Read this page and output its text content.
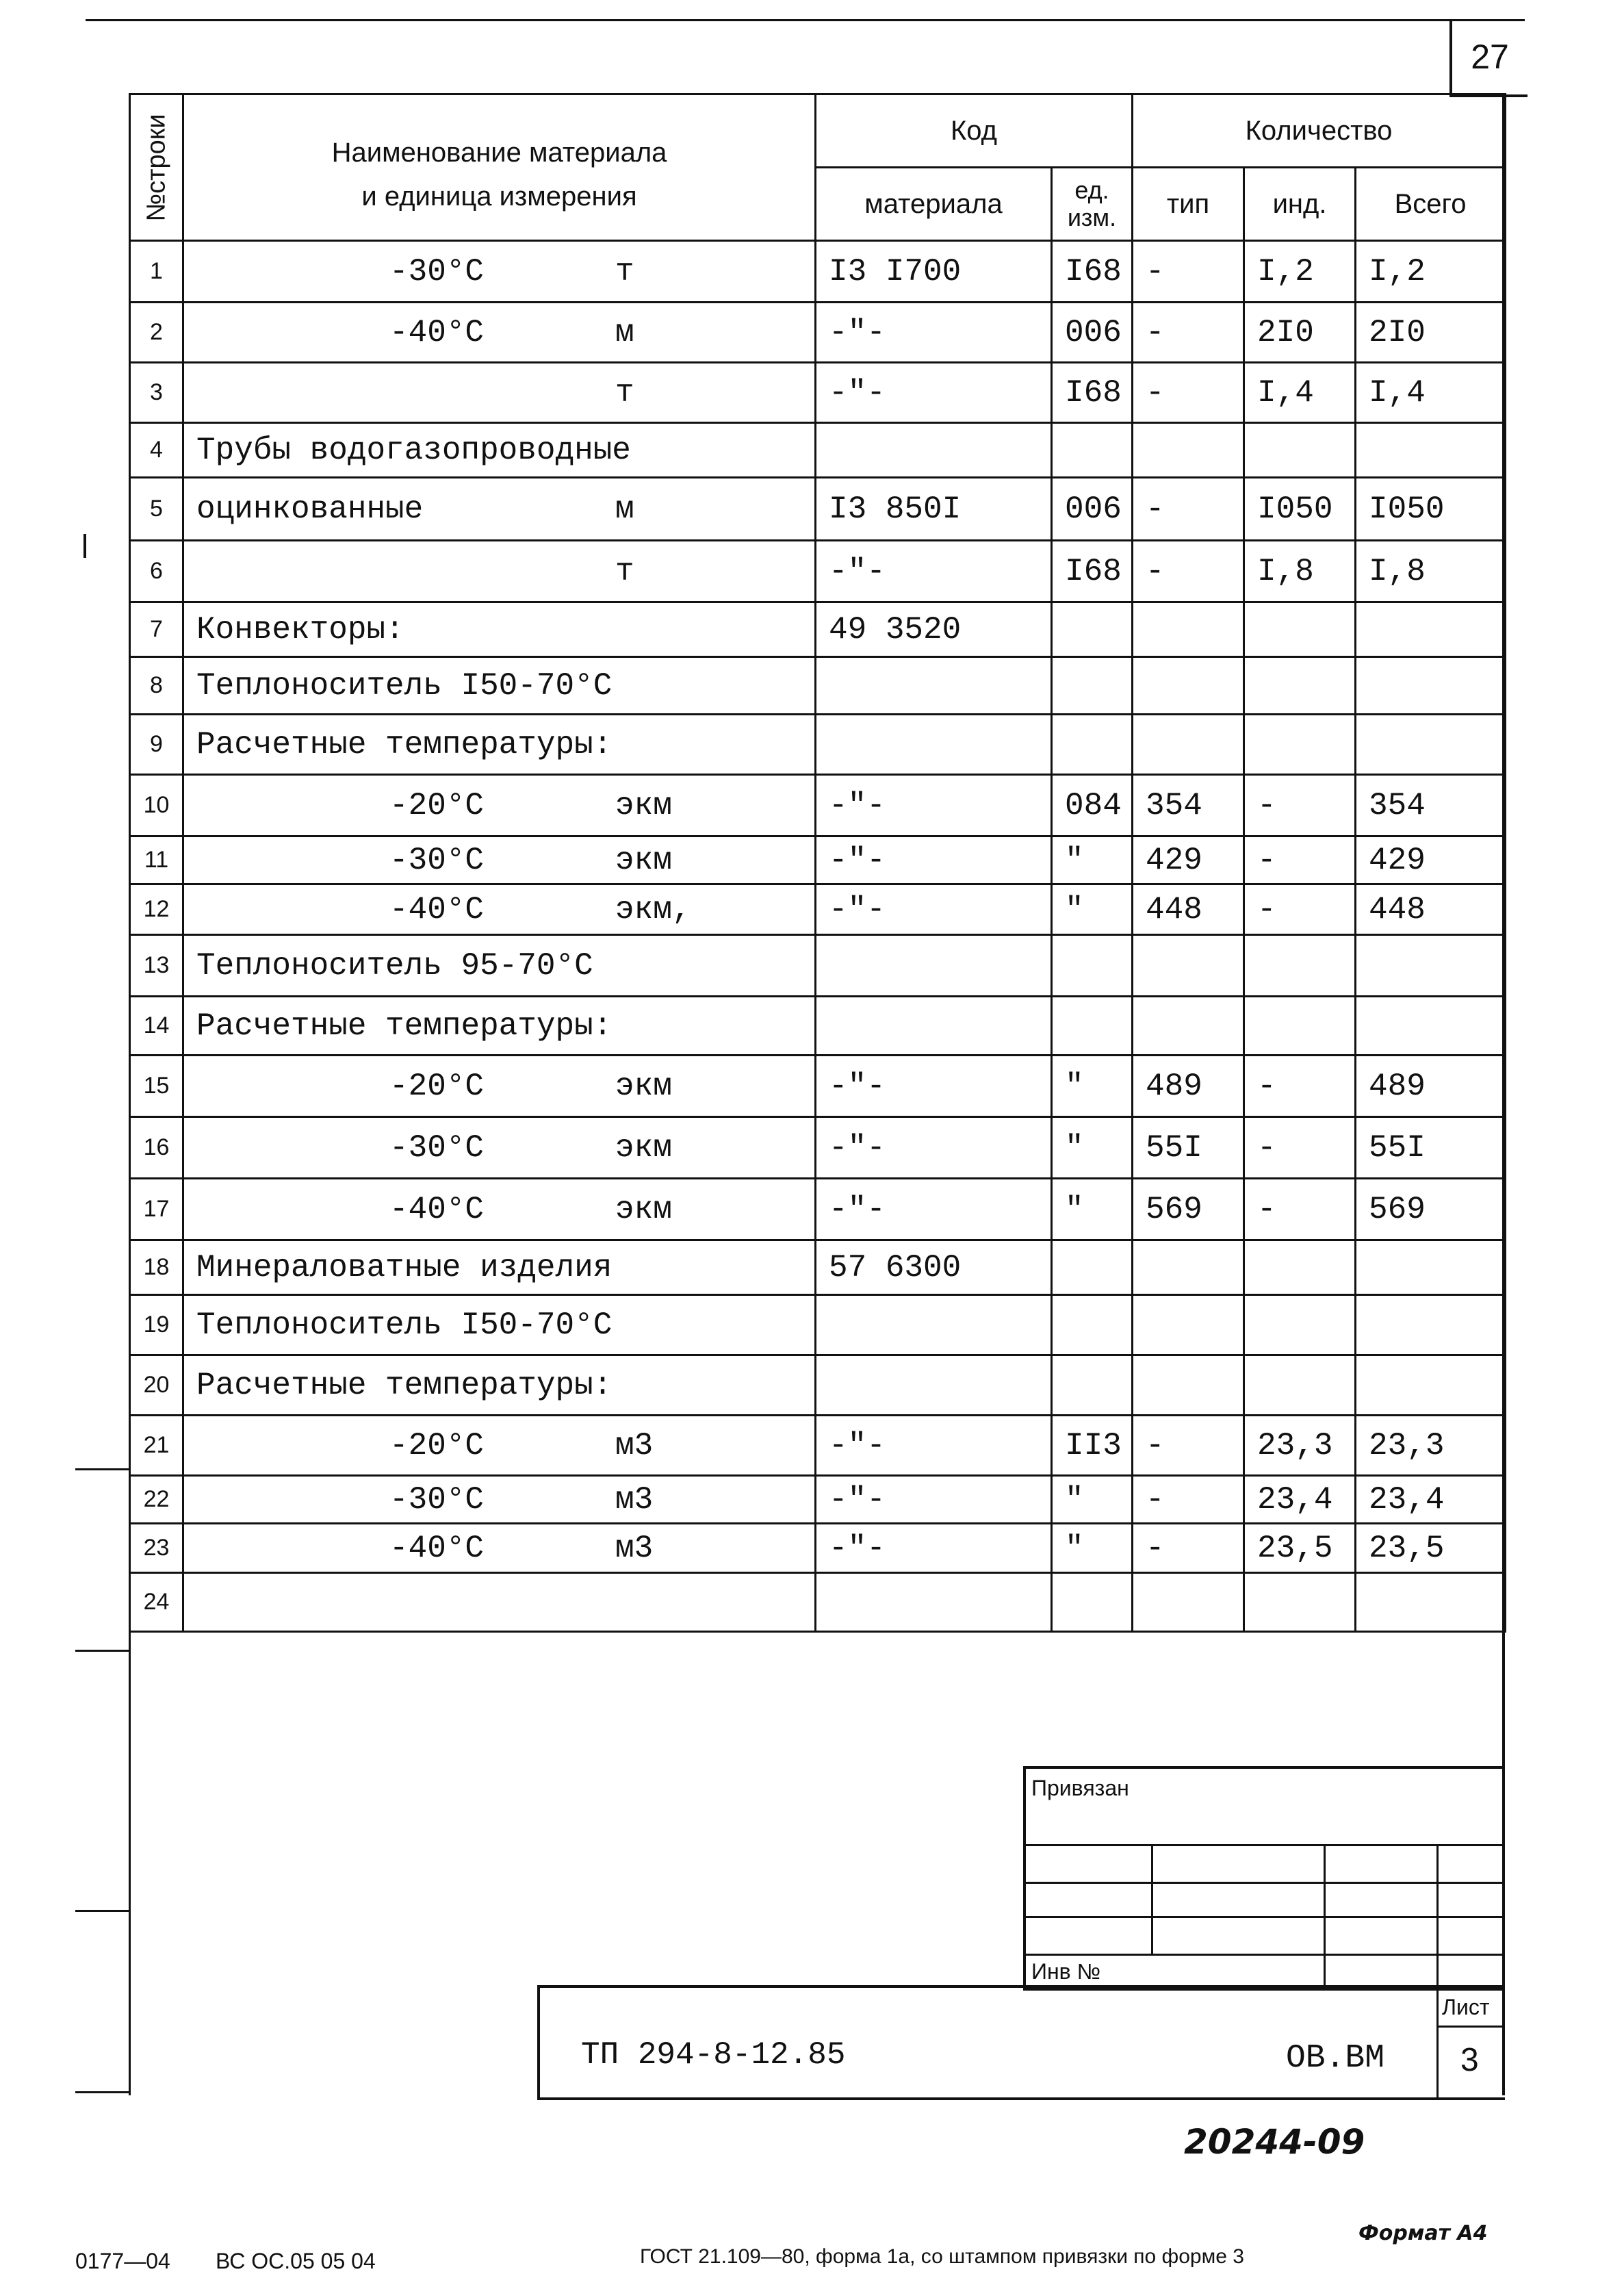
27
№строки	Наименование материала
и единица измерения	Код		Количество		
		материала	ед.
изм.	тип	инд.	Всего
1	-30°C т	I3 I700	I68	-	I,2	I,2
2	-40°C м	-"-	006	-	2I0	2I0
3	т	-"-	I68	-	I,4	I,4
4	Трубы водогазопроводные					

5	оцинкованные м	I3 850I	006	-	I050	I050
6	т	-"-	I68	-	I,8	I,8
7	Конвекторы:	49 3520				
8	Теплоноситель I50-70°C					

9	Расчетные температуры:					

10	-20°C экм	-"-	084	354	-	354
11	-30°C экм	-"-	"	429	-	429
12	-40°C экм,	-"-	"	448	-	448
13	Теплоноситель 95-70°C					

14	Расчетные температуры:					

15	-20°C экм	-"-	"	489	-	489
16	-30°C экм	-"-	"	55I	-	55I
17	-40°C экм	-"-	"	569	-	569
18	Минераловатные изделия	57 6300				
19	Теплоноситель I50-70°C					

20	Расчетные температуры:					

21	-20°C м3	-"-	II3	-	23,3	23,3
22	-30°C м3	-"-	"	-	23,4	23,4
23	-40°C м3	-"-	"	-	23,5	23,5
24	

Привязан
Инв №
Лист
3
ТП 294-8-12.85	ОВ.ВМ
20244-09
Формат А4
0177—04 ВС ОС.05 05 04	ГОСТ 21.109—80, форма 1а, со штампом привязки по форме 3
